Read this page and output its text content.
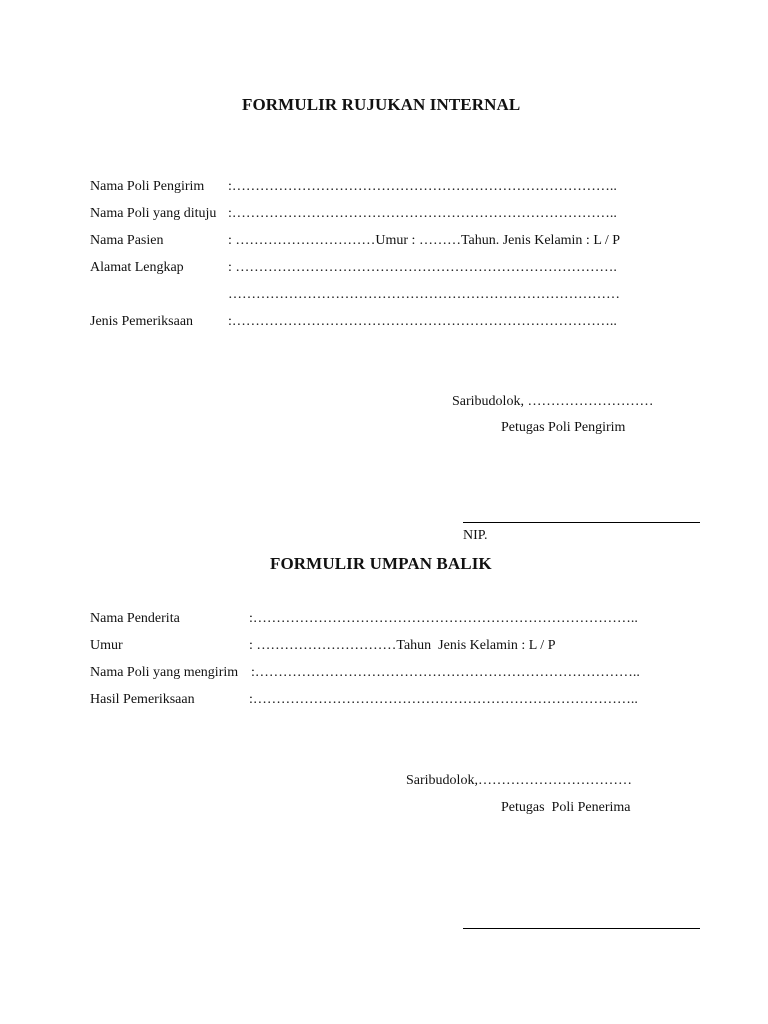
FORMULIR RUJUKAN INTERNAL
Nama Poli Pengirim :………………………………………………………………………..
Nama Poli yang dituju :………………………………………………………………………..
Nama Pasien	: …………………………Umur : ………Tahun. Jenis Kelamin : L / P
Alamat Lengkap	: ……………………………………………………………………….
…………………………………………………………………………
Jenis Pemeriksaan :………………………………………………………………………..
Saribudolok, ………………………
Petugas Poli Pengirim
NIP.
FORMULIR UMPAN BALIK
Nama Penderita	:………………………………………………………………………..
Umur	: …………………………Tahun  Jenis Kelamin : L / P
Nama Poli yang mengirim :………………………………………………………………………..
Hasil Pemeriksaan	:………………………………………………………………………..
Saribudolok,……………………………
Petugas  Poli Penerima
